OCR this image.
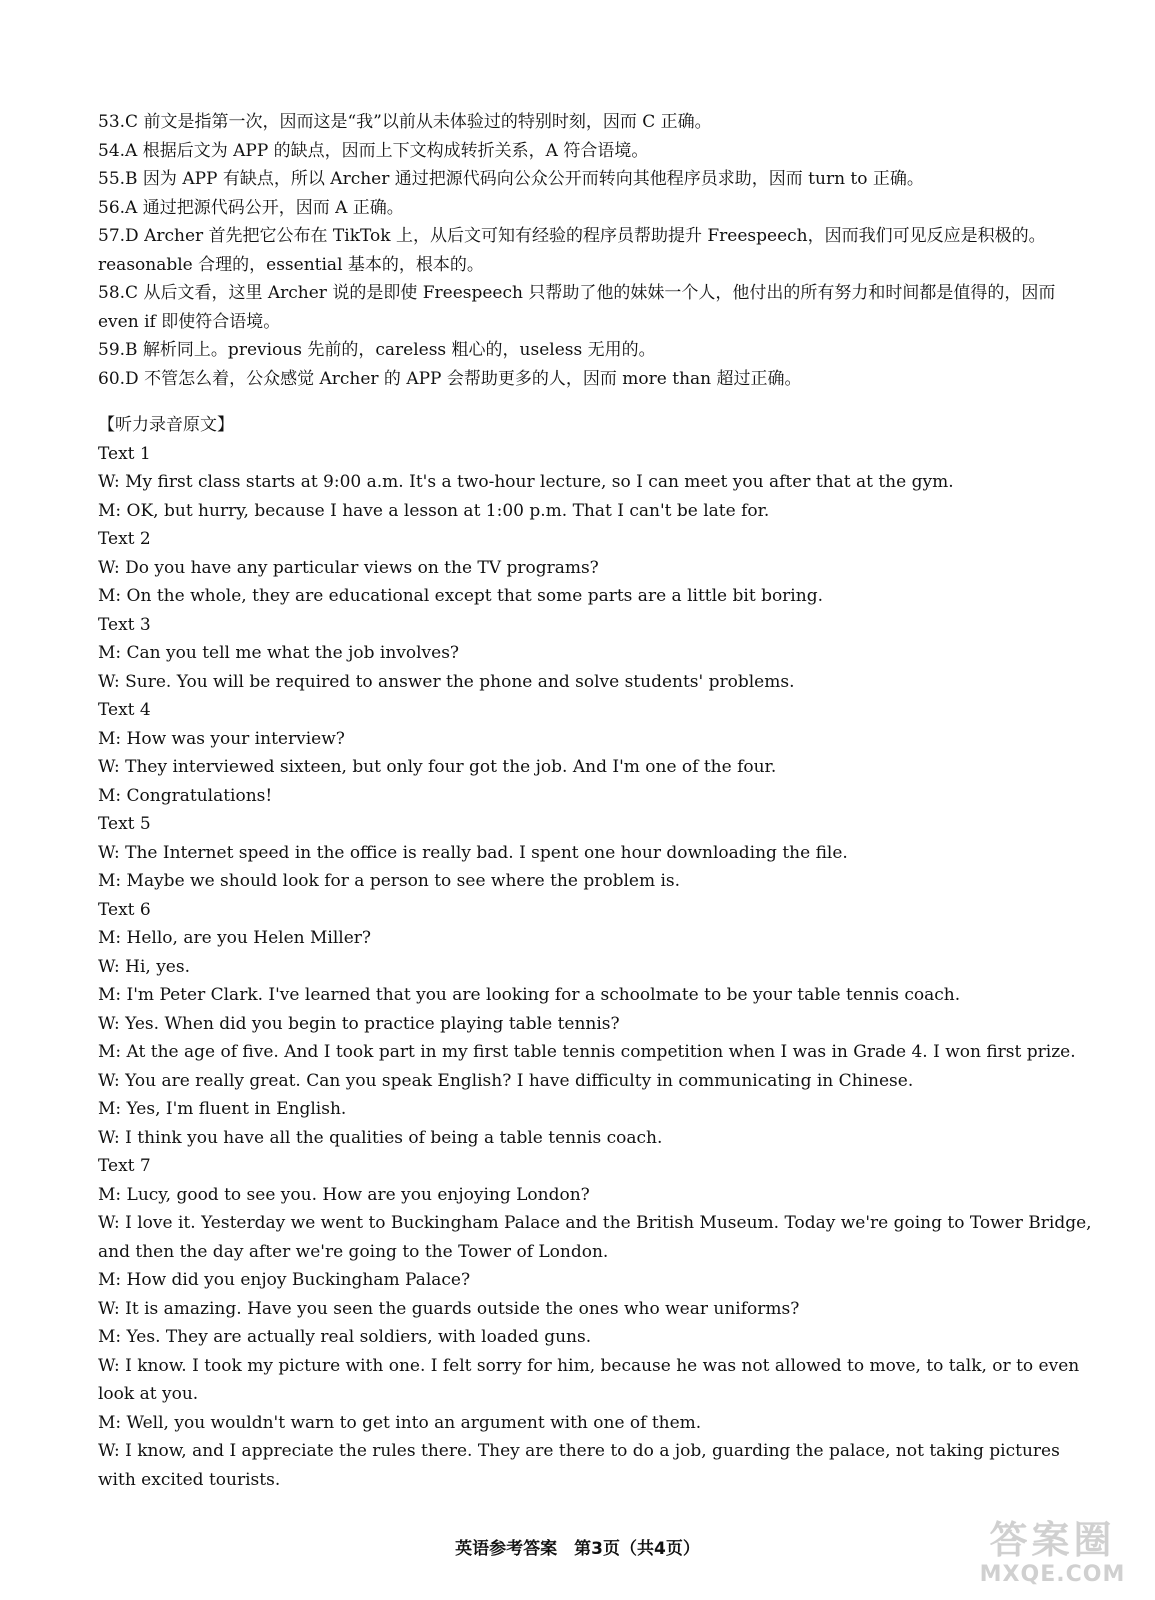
53.C 前文是指第一次，因而这是“我”以前从未体验过的特别时刻，因而 C 正确。
54.A 根据后文为 APP 的缺点，因而上下文构成转折关系，A 符合语境。
55.B 因为 APP 有缺点，所以 Archer 通过把源代码向公众公开而转向其他程序员求助，因而 turn to 正确。
56.A 通过把源代码公开，因而 A 正确。
57.D Archer 首先把它公布在 TikTok 上，从后文可知有经验的程序员帮助提升 Freespeech，因而我们可见反应是积极的。reasonable 合理的，essential 基本的，根本的。
58.C 从后文看，这里 Archer 说的是即使 Freespeech 只帮助了他的妹妹一个人，他付出的所有努力和时间都是值得的，因而 even if 即使符合语境。
59.B 解析同上。previous 先前的，careless 粗心的，useless 无用的。
60.D 不管怎么着，公众感觉 Archer 的 APP 会帮助更多的人，因而 more than 超过正确。
【听力录音原文】
Text 1
W: My first class starts at 9:00 a.m. It's a two-hour lecture, so I can meet you after that at the gym.
M: OK, but hurry, because I have a lesson at 1:00 p.m. That I can't be late for.
Text 2
W: Do you have any particular views on the TV programs?
M: On the whole, they are educational except that some parts are a little bit boring.
Text 3
M: Can you tell me what the job involves?
W: Sure. You will be required to answer the phone and solve students' problems.
Text 4
M: How was your interview?
W: They interviewed sixteen, but only four got the job. And I'm one of the four.
M: Congratulations!
Text 5
W: The Internet speed in the office is really bad. I spent one hour downloading the file.
M: Maybe we should look for a person to see where the problem is.
Text 6
M: Hello, are you Helen Miller?
W: Hi, yes.
M: I'm Peter Clark. I've learned that you are looking for a schoolmate to be your table tennis coach.
W: Yes. When did you begin to practice playing table tennis?
M: At the age of five. And I took part in my first table tennis competition when I was in Grade 4. I won first prize.
W: You are really great. Can you speak English? I have difficulty in communicating in Chinese.
M: Yes, I'm fluent in English.
W: I think you have all the qualities of being a table tennis coach.
Text 7
M: Lucy, good to see you. How are you enjoying London?
W: I love it. Yesterday we went to Buckingham Palace and the British Museum. Today we're going to Tower Bridge, and then the day after we're going to the Tower of London.
M: How did you enjoy Buckingham Palace?
W: It is amazing. Have you seen the guards outside the ones who wear uniforms?
M: Yes. They are actually real soldiers, with loaded guns.
W: I know. I took my picture with one. I felt sorry for him, because he was not allowed to move, to talk, or to even look at you.
M: Well, you wouldn't warn to get into an argument with one of them.
W: I know, and I appreciate the rules there. They are there to do a job, guarding the palace, not taking pictures with excited tourists.
英语参考答案　第3页（共4页）	答案圈
MXQE.COM
